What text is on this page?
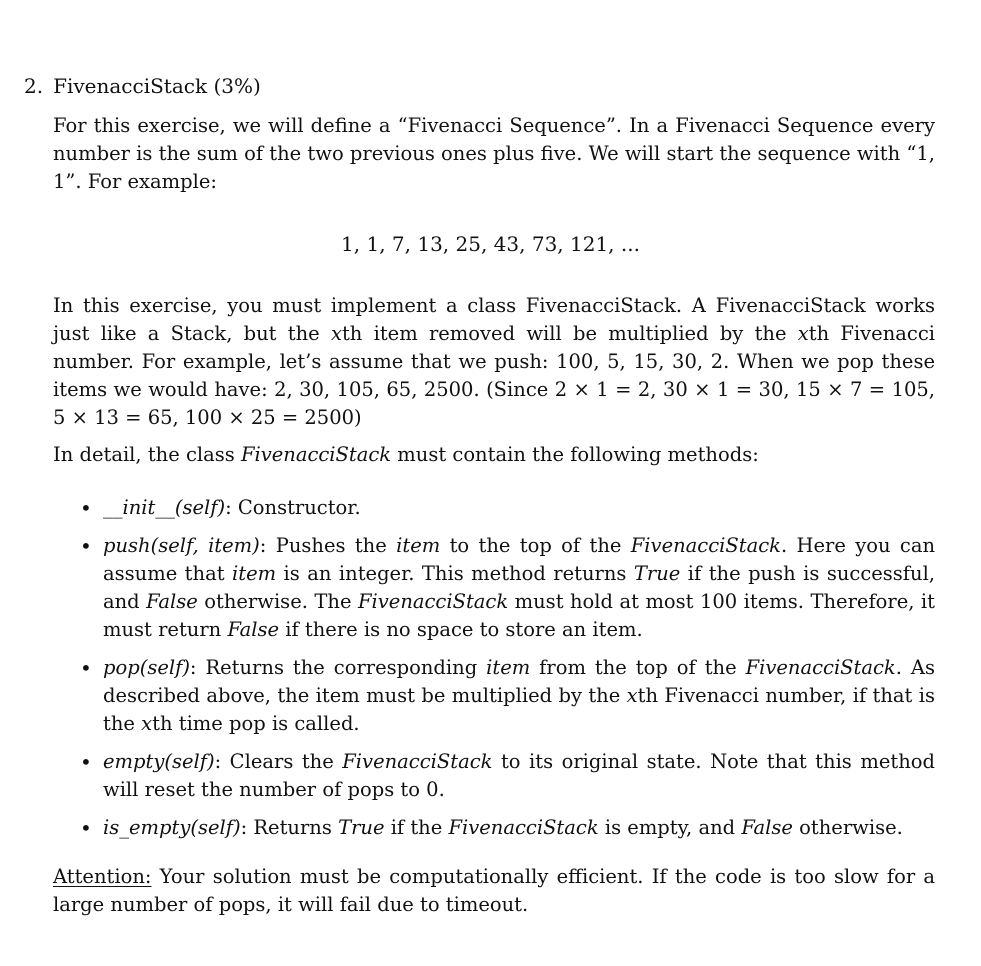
2. FivenacciStack (3%)
For this exercise, we will define a “Fivenacci Sequence”. In a Fivenacci Sequence every number is the sum of the two previous ones plus five. We will start the sequence with “1, 1”. For example:
1, 1, 7, 13, 25, 43, 73, 121, ...
In this exercise, you must implement a class FivenacciStack. A FivenacciStack works just like a Stack, but the xth item removed will be multiplied by the xth Fivenacci number. For example, let’s assume that we push: 100, 5, 15, 30, 2. When we pop these items we would have: 2, 30, 105, 65, 2500. (Since 2 × 1 = 2, 30 × 1 = 30, 15 × 7 = 105, 5 × 13 = 65, 100 × 25 = 2500)
In detail, the class FivenacciStack must contain the following methods:
• __init__(self): Constructor.
• push(self, item): Pushes the item to the top of the FivenacciStack. Here you can assume that item is an integer. This method returns True if the push is successful, and False otherwise. The FivenacciStack must hold at most 100 items. Therefore, it must return False if there is no space to store an item.
• pop(self): Returns the corresponding item from the top of the FivenacciStack. As described above, the item must be multiplied by the xth Fivenacci number, if that is the xth time pop is called.
• empty(self): Clears the FivenacciStack to its original state. Note that this method will reset the number of pops to 0.
• is_empty(self): Returns True if the FivenacciStack is empty, and False otherwise.
Attention: Your solution must be computationally efficient. If the code is too slow for a large number of pops, it will fail due to timeout.
